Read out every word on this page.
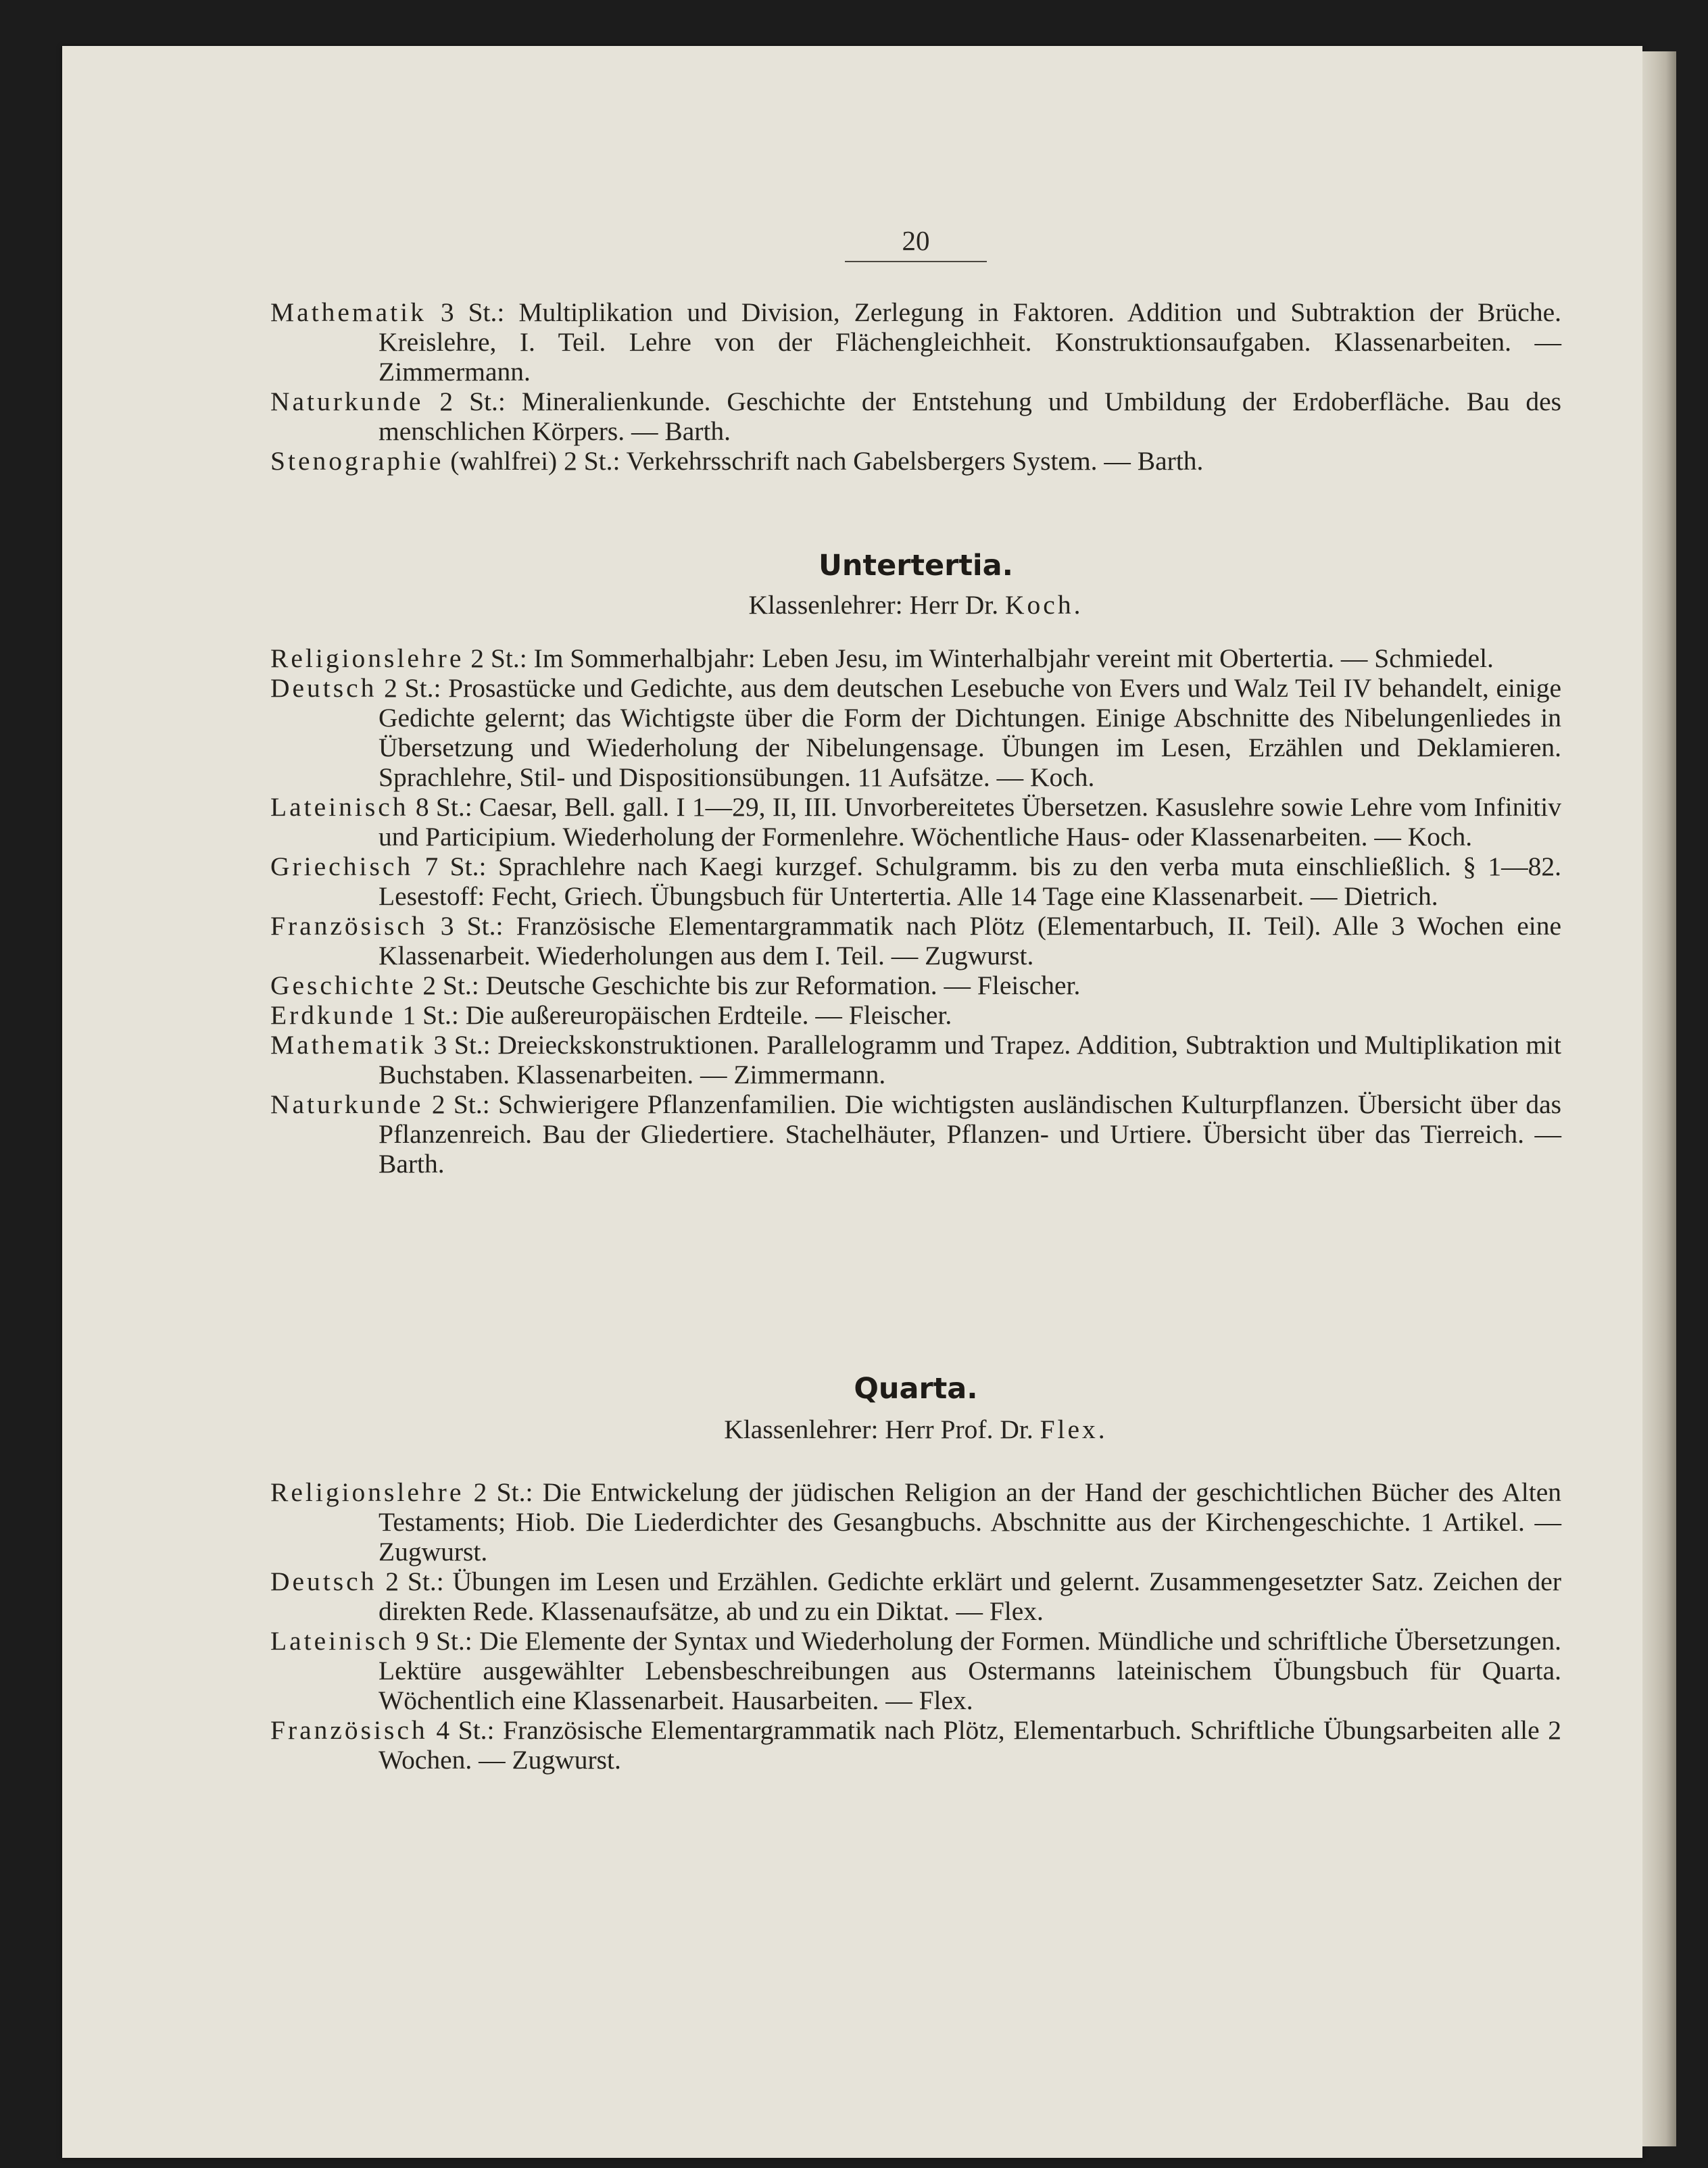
20

Mathematik 3 St.: Multiplikation und Division, Zerlegung in Faktoren. Addition und Subtraktion der Brüche. Kreislehre, I. Teil. Lehre von der Flächengleichheit. Konstruktionsaufgaben. Klassenarbeiten. — Zimmermann.

Naturkunde 2 St.: Mineralienkunde. Geschichte der Entstehung und Umbildung der Erdoberfläche. Bau des menschlichen Körpers. — Barth.

Stenographie (wahlfrei) 2 St.: Verkehrsschrift nach Gabelsbergers System. — Barth.

Untertertia.
Klassenlehrer: Herr Dr. Koch.

Religionslehre 2 St.: Im Sommerhalbjahr: Leben Jesu, im Winterhalbjahr vereint mit Obertertia. — Schmiedel.

Deutsch 2 St.: Prosastücke und Gedichte, aus dem deutschen Lesebuche von Evers und Walz Teil IV behandelt, einige Gedichte gelernt; das Wichtigste über die Form der Dichtungen. Einige Abschnitte des Nibelungenliedes in Übersetzung und Wiederholung der Nibelungensage. Übungen im Lesen, Erzählen und Deklamieren. Sprachlehre, Stil- und Dispositionsübungen. 11 Aufsätze. — Koch.

Lateinisch 8 St.: Caesar, Bell. gall. I 1—29, II, III. Unvorbereitetes Übersetzen. Kasuslehre sowie Lehre vom Infinitiv und Participium. Wiederholung der Formenlehre. Wöchentliche Haus- oder Klassenarbeiten. — Koch.

Griechisch 7 St.: Sprachlehre nach Kaegi kurzgef. Schulgramm. bis zu den verba muta einschließlich. § 1—82. Lesestoff: Fecht, Griech. Übungsbuch für Untertertia. Alle 14 Tage eine Klassenarbeit. — Dietrich.

Französisch 3 St.: Französische Elementargrammatik nach Plötz (Elementarbuch, II. Teil). Alle 3 Wochen eine Klassenarbeit. Wiederholungen aus dem I. Teil. — Zugwurst.

Geschichte 2 St.: Deutsche Geschichte bis zur Reformation. — Fleischer.

Erdkunde 1 St.: Die außereuropäischen Erdteile. — Fleischer.

Mathematik 3 St.: Dreieckskonstruktionen. Parallelogramm und Trapez. Addition, Subtraktion und Multiplikation mit Buchstaben. Klassenarbeiten. — Zimmermann.

Naturkunde 2 St.: Schwierigere Pflanzenfamilien. Die wichtigsten ausländischen Kulturpflanzen. Übersicht über das Pflanzenreich. Bau der Gliedertiere. Stachelhäuter, Pflanzen- und Urtiere. Übersicht über das Tierreich. — Barth.

Quarta.
Klassenlehrer: Herr Prof. Dr. Flex.

Religionslehre 2 St.: Die Entwickelung der jüdischen Religion an der Hand der geschichtlichen Bücher des Alten Testaments; Hiob. Die Liederdichter des Gesangbuchs. Abschnitte aus der Kirchengeschichte. 1 Artikel. — Zugwurst.

Deutsch 2 St.: Übungen im Lesen und Erzählen. Gedichte erklärt und gelernt. Zusammengesetzter Satz. Zeichen der direkten Rede. Klassenaufsätze, ab und zu ein Diktat. — Flex.

Lateinisch 9 St.: Die Elemente der Syntax und Wiederholung der Formen. Mündliche und schriftliche Übersetzungen. Lektüre ausgewählter Lebensbeschreibungen aus Ostermanns lateinischem Übungsbuch für Quarta. Wöchentlich eine Klassenarbeit. Hausarbeiten. — Flex.

Französisch 4 St.: Französische Elementargrammatik nach Plötz, Elementarbuch. Schriftliche Übungsarbeiten alle 2 Wochen. — Zugwurst.
